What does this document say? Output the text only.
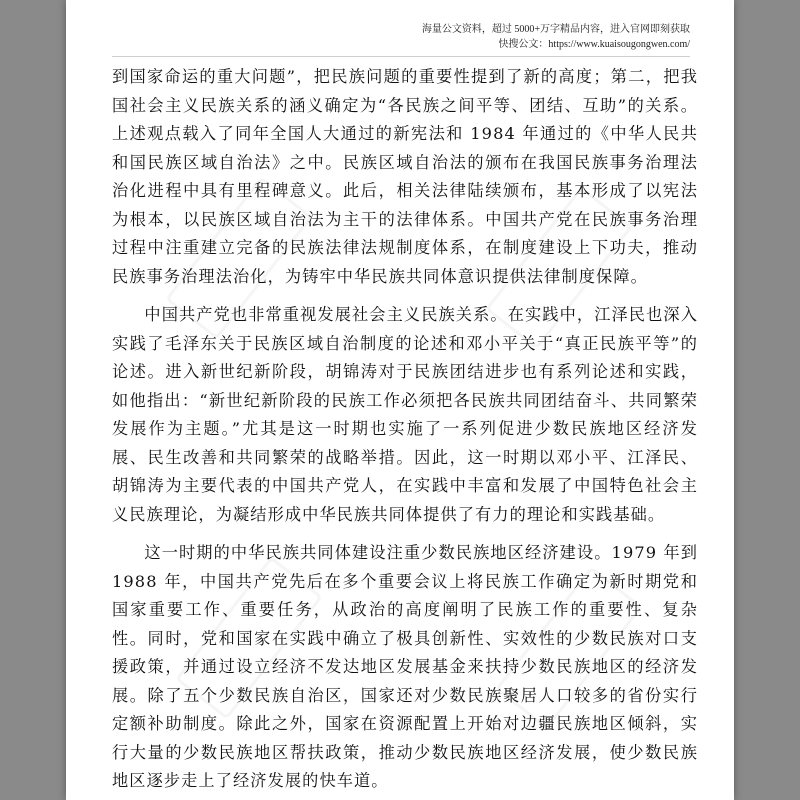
海量公文资料，超过 5000+万字精品内容，进入官网即刻获取
快搜公文：https://www.kuaisougongwen.com/

到国家命运的重大问题”，把民族问题的重要性提到了新的高度；第二，把我国社会主义民族关系的涵义确定为“各民族之间平等、团结、互助”的关系。上述观点载入了同年全国人大通过的新宪法和 1984 年通过的《中华人民共和国民族区域自治法》之中。民族区域自治法的颁布在我国民族事务治理法治化进程中具有里程碑意义。此后，相关法律陆续颁布，基本形成了以宪法为根本，以民族区域自治法为主干的法律体系。中国共产党在民族事务治理过程中注重建立完备的民族法律法规制度体系，在制度建设上下功夫，推动民族事务治理法治化，为铸牢中华民族共同体意识提供法律制度保障。

中国共产党也非常重视发展社会主义民族关系。在实践中，江泽民也深入实践了毛泽东关于民族区域自治制度的论述和邓小平关于“真正民族平等”的论述。进入新世纪新阶段，胡锦涛对于民族团结进步也有系列论述和实践，如他指出：“新世纪新阶段的民族工作必须把各民族共同团结奋斗、共同繁荣发展作为主题。”尤其是这一时期也实施了一系列促进少数民族地区经济发展、民生改善和共同繁荣的战略举措。因此，这一时期以邓小平、江泽民、胡锦涛为主要代表的中国共产党人，在实践中丰富和发展了中国特色社会主义民族理论，为凝结形成中华民族共同体提供了有力的理论和实践基础。

这一时期的中华民族共同体建设注重少数民族地区经济建设。1979 年到 1988 年，中国共产党先后在多个重要会议上将民族工作确定为新时期党和国家重要工作、重要任务，从政治的高度阐明了民族工作的重要性、复杂性。同时，党和国家在实践中确立了极具创新性、实效性的少数民族对口支援政策，并通过设立经济不发达地区发展基金来扶持少数民族地区的经济发展。除了五个少数民族自治区，国家还对少数民族聚居人口较多的省份实行定额补助制度。除此之外，国家在资源配置上开始对边疆民族地区倾斜，实行大量的少数民族地区帮扶政策，推动少数民族地区经济发展，使少数民族地区逐步走上了经济发展的快车道。
